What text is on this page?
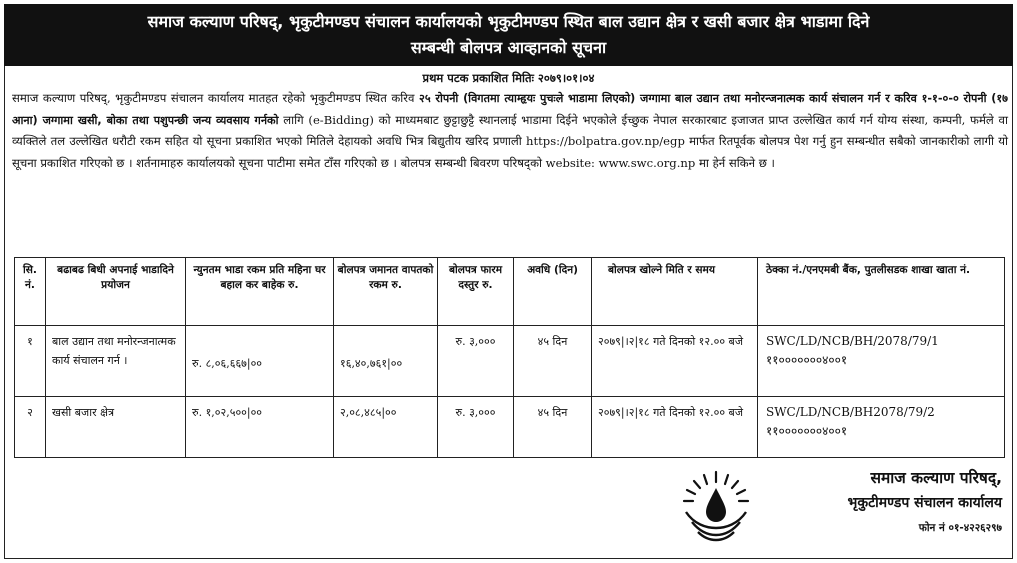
समाज कल्याण परिषद्, भृकुटीमण्डप संचालन कार्यालयको भृकुटीमण्डप स्थित बाल उद्यान क्षेत्र र खसी बजार क्षेत्र भाडामा दिने
सम्बन्धी बोलपत्र आव्हानको सूचना
प्रथम पटक प्रकाशित मितिः २०७९।०१।०४
समाज कल्याण परिषद्, भृकुटीमण्डप संचालन कार्यालय मातहत रहेको भृकुटीमण्डप स्थित करिव २५ रोपनी (विगतमा त्याम्हृयः पुचःले भाडामा लिएको) जग्गामा बाल उद्यान तथा मनोरन्जनात्मक कार्य संचालन गर्न र करिव १-१-०-० रोपनी (१७ आना) जग्गामा खसी, बोका तथा पशुपन्छी जन्य व्यवसाय गर्नको लागि (e-Bidding) को माध्यमबाट छुट्टाछुट्टै स्थानलाई भाडामा दिईने भएकोले ईच्छुक नेपाल सरकारबाट इजाजत प्राप्त उल्लेखित कार्य गर्न योग्य संस्था, कम्पनी, फर्मले वा व्यक्तिले तल उल्लेखित धरौटी रकम सहित यो सूचना प्रकाशित भएको मितिले देहायको अवधि भित्र बिद्युतीय खरिद प्रणाली https://bolpatra.gov.np/egp मार्फत रितपूर्वक बोलपत्र पेश गर्नु हुन सम्बन्धीत सबैको जानकारीको लागी यो सूचना प्रकाशित गरिएको छ । शर्तनामाहरु कार्यालयको सूचना पाटीमा समेत टाँस गरिएको छ । बोलपत्र सम्बन्धी बिवरण परिषद्को website: www.swc.org.np मा हेर्न सकिने छ ।
सि. नं.	बढाबढ बिधी अपनाई भाडादिने प्रयोजन	न्युनतम भाडा रकम प्रति महिना घर बहाल कर बाहेक रु.	बोलपत्र जमानत वापतको रकम रु.	बोलपत्र फारम दस्तुर रु.	अवधि (दिन)	बोलपत्र खोल्ने मिति र समय	ठेक्का नं./एनएमबी बैंक, पुतलीसडक शाखा खाता नं.
१	बाल उद्यान तथा मनोरन्जनात्मक कार्य संचालन गर्न ।	रु. ८,०६,६६७|००	१६,४०,७६१|००	रु. ३,०००	४५ दिन	२०७९|।२|१८ गते दिनको १२.०० बजे	SWC/LD/NCB/BH/2078/79/1
११०००००००४००१

२	खसी बजार क्षेत्र	रु. १,०२,५००|००	२,०८,४८५|००	रु. ३,०००	४५ दिन	२०७९|।२|१८ गते दिनको १२.०० बजे	SWC/LD/NCB/BH2078/79/2
११०००००००४००१
समाज कल्याण परिषद्,
भृकुटीमण्डप संचालन कार्यालय
फोन नं ०१-४२२६२९७
